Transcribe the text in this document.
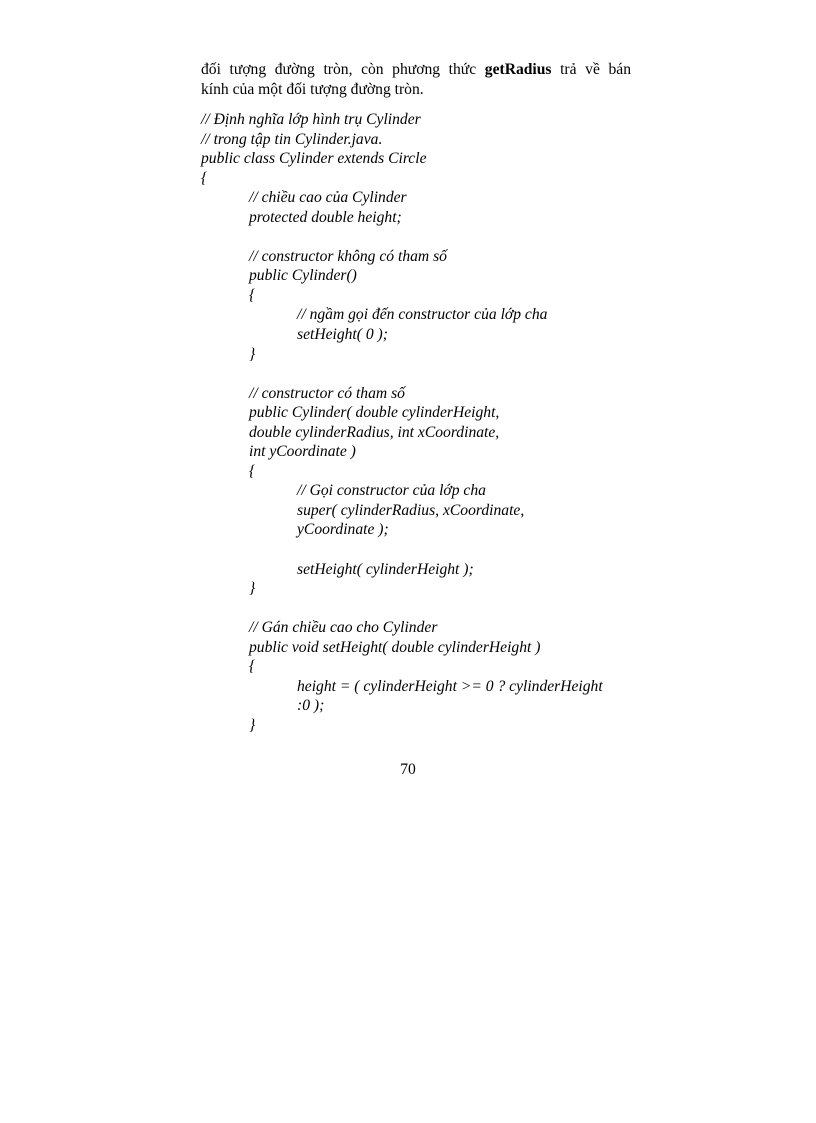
đối tượng đường tròn, còn phương thức getRadius trả về bán

kính của một đối tượng đường tròn.

// Định nghĩa lớp hình trụ Cylinder
// trong tập tin Cylinder.java.
public class Cylinder extends Circle
{
// chiều cao của Cylinder
protected double height;
// constructor không có tham số
public Cylinder()
{
// ngầm gọi đến constructor của lớp cha
setHeight( 0 );
}
// constructor có tham số
public Cylinder( double cylinderHeight,
double cylinderRadius, int xCoordinate,
int yCoordinate )
{
// Gọi constructor của lớp cha
super( cylinderRadius, xCoordinate,
yCoordinate );
setHeight( cylinderHeight );
}
// Gán chiều cao cho Cylinder
public void setHeight( double cylinderHeight )
{
height = ( cylinderHeight >= 0 ? cylinderHeight
:0 );
}
70
